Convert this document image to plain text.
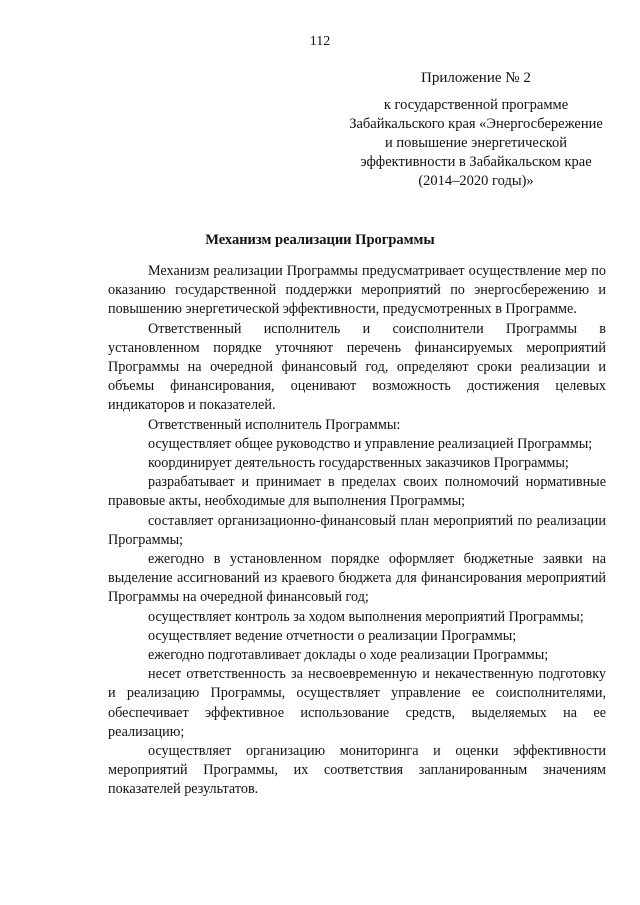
112
Приложение № 2
к государственной программе
Забайкальского края «Энергосбережение
и повышение энергетической
эффективности в Забайкальском крае
(2014–2020 годы)»
Механизм реализации Программы

Механизм реализации Программы предусматривает осуществление мер по оказанию государственной поддержки мероприятий по энергосбережению и повышению энергетической эффективности, предусмотренных в Программе.

Ответственный исполнитель и соисполнители Программы в установленном порядке уточняют перечень финансируемых мероприятий Программы на очередной финансовый год, определяют сроки реализации и объемы финансирования, оценивают возможность достижения целевых индикаторов и показателей.

Ответственный исполнитель Программы:

осуществляет общее руководство и управление реализацией Программы;

координирует деятельность государственных заказчиков Программы;

разрабатывает и принимает в пределах своих полномочий нормативные правовые акты, необходимые для выполнения Программы;

составляет организационно-финансовый план мероприятий по реализации Программы;

ежегодно в установленном порядке оформляет бюджетные заявки на выделение ассигнований из краевого бюджета для финансирования мероприятий Программы на очередной финансовый год;

осуществляет контроль за ходом выполнения мероприятий Программы;

осуществляет ведение отчетности о реализации Программы;

ежегодно подготавливает доклады о ходе реализации Программы;

несет ответственность за несвоевременную и некачественную подготовку и реализацию Программы, осуществляет управление ее соисполнителями, обеспечивает эффективное использование средств, выделяемых на ее реализацию;

осуществляет организацию мониторинга и оценки эффективности мероприятий Программы, их соответствия запланированным значениям показателей результатов.
